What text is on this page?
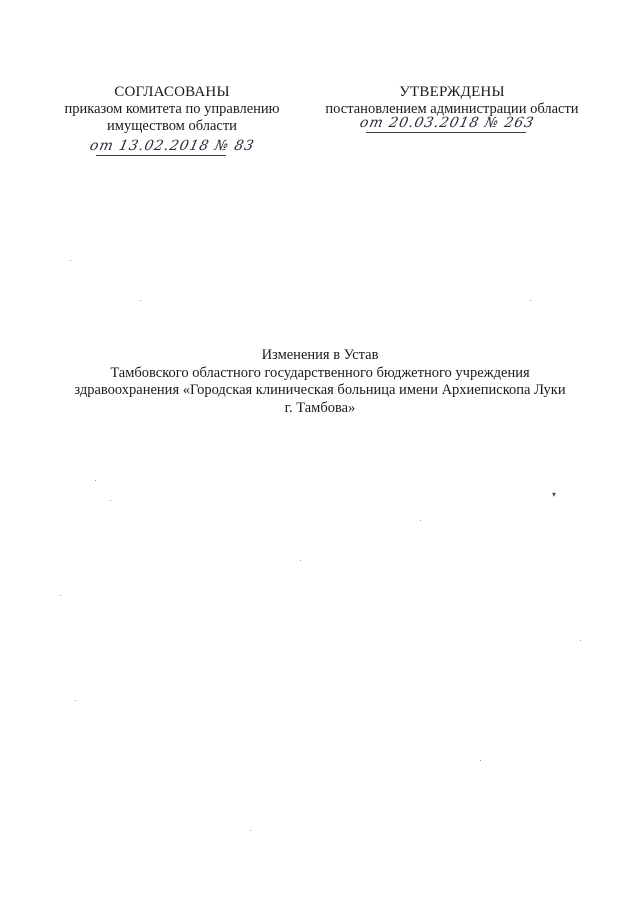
СОГЛАСОВАНЫ
приказом комитета по управлению
имуществом области
от 13.02.2018 № 83
УТВЕРЖДЕНЫ
постановлением администрации области
от 20.03.2018 № 263
Изменения в Устав
Тамбовского областного государственного бюджетного учреждения
здравоохранения «Городская клиническая больница имени Архиепископа Луки
г. Тамбова»
▾
